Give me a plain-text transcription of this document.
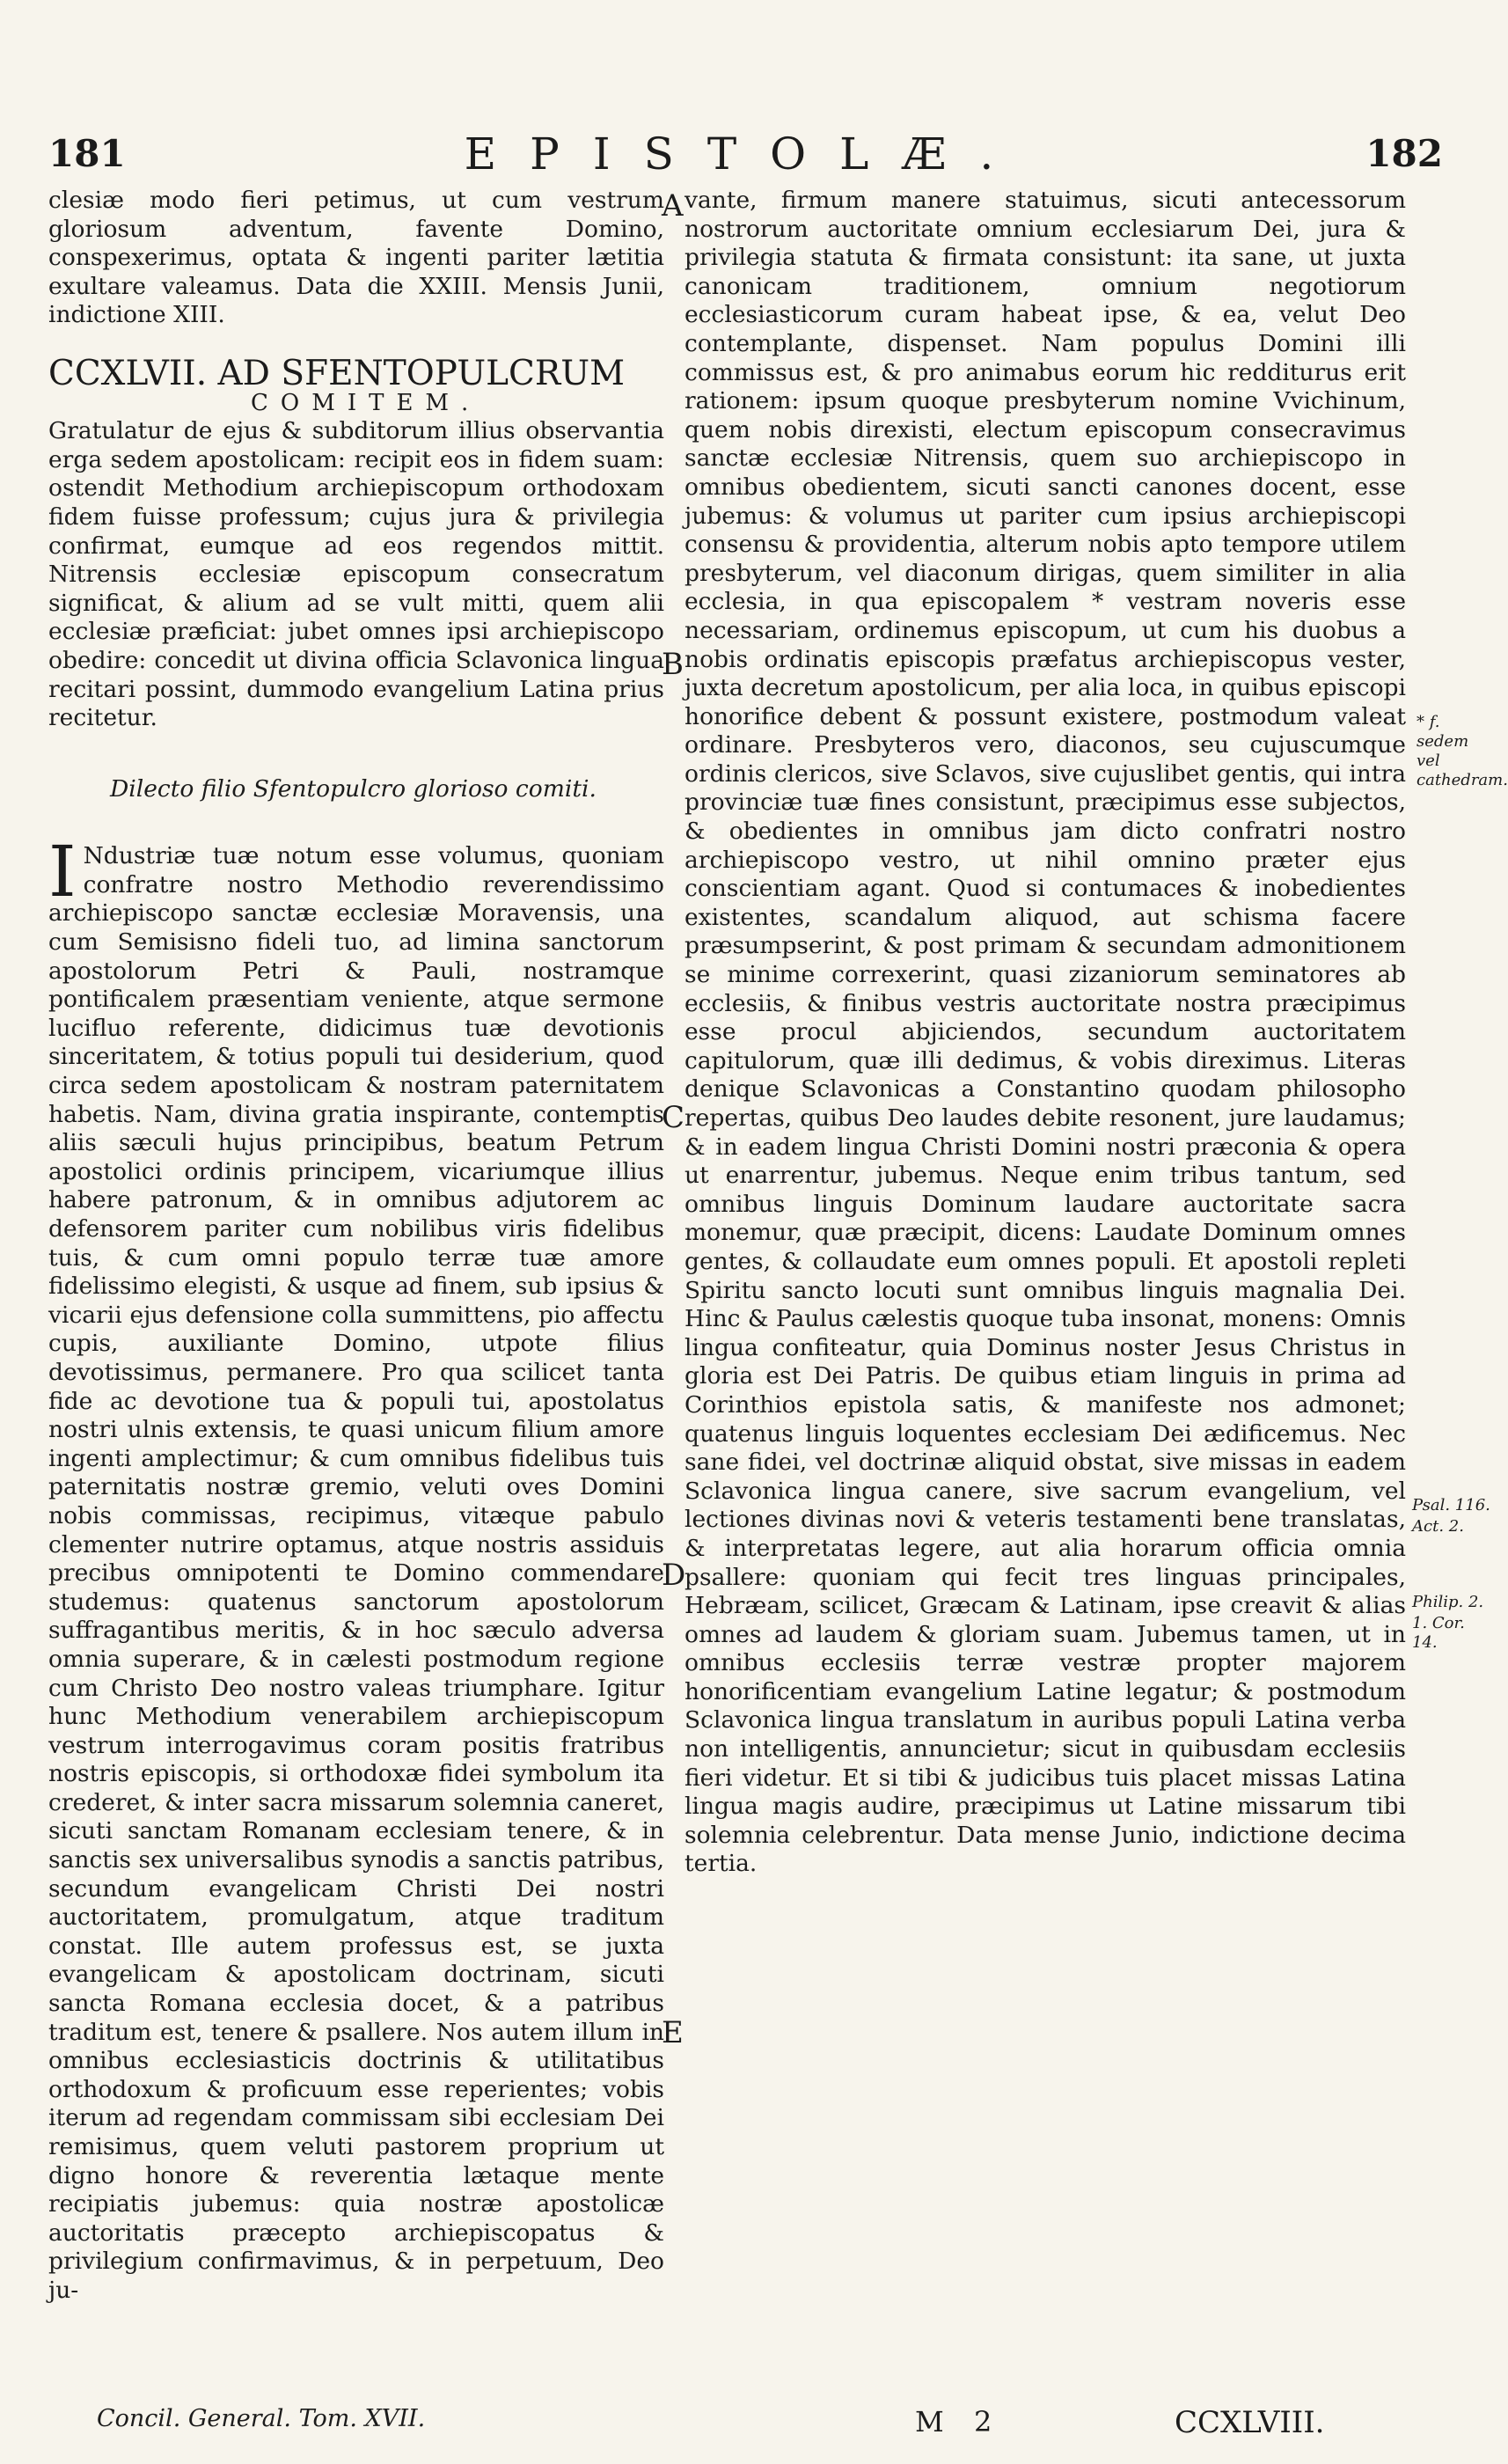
181	EPISTOLÆ.	182

clesiæ modo fieri petimus, ut cum vestrum gloriosum adventum, favente Domino, conspexerimus, optata & ingenti pariter lætitia exultare valeamus. Data die XXIII. Mensis Junii, indictione XIII.

CCXLVII. AD SFENTOPULCRUM
COMITEM.

Gratulatur de ejus & subditorum illius observantia erga sedem apostolicam: recipit eos in fidem suam: ostendit Methodium archiepiscopum orthodoxam fidem fuisse professum; cujus jura & privilegia confirmat, eumque ad eos regendos mittit. Nitrensis ecclesiæ episcopum consecratum significat, & alium ad se vult mitti, quem alii ecclesiæ præficiat: jubet omnes ipsi archiepiscopo obedire: concedit ut divina officia Sclavonica lingua recitari possint, dummodo evangelium Latina prius recitetur.

Dilecto filio Sfentopulcro glorioso comiti.

I Ndustriæ tuæ notum esse volumus, quoniam confratre nostro Methodio reverendissimo archiepiscopo sanctæ ecclesiæ Moravensis, una cum Semisisno fideli tuo, ad limina sanctorum apostolorum Petri & Pauli, nostramque pontificalem præsentiam veniente, atque sermone lucifluo referente, didicimus tuæ devotionis sinceritatem, & totius populi tui desiderium, quod circa sedem apostolicam & nostram paternitatem habetis. Nam, divina gratia inspirante, contemptis aliis sæculi hujus principibus, beatum Petrum apostolici ordinis principem, vicariumque illius habere patronum, & in omnibus adjutorem ac defensorem pariter cum nobilibus viris fidelibus tuis, & cum omni populo terræ tuæ amore fidelissimo elegisti, & usque ad finem, sub ipsius & vicarii ejus defensione colla summittens, pio affectu cupis, auxiliante Domino, utpote filius devotissimus, permanere. Pro qua scilicet tanta fide ac devotione tua & populi tui, apostolatus nostri ulnis extensis, te quasi unicum filium amore ingenti amplectimur; & cum omnibus fidelibus tuis paternitatis nostræ gremio, veluti oves Domini nobis commissas, recipimus, vitæque pabulo clementer nutrire optamus, atque nostris assiduis precibus omnipotenti te Domino commendare studemus: quatenus sanctorum apostolorum suffragantibus meritis, & in hoc sæculo adversa omnia superare, & in cælesti postmodum regione cum Christo Deo nostro valeas triumphare. Igitur hunc Methodium venerabilem archiepiscopum vestrum interrogavimus coram positis fratribus nostris episcopis, si orthodoxæ fidei symbolum ita crederet, & inter sacra missarum solemnia caneret, sicuti sanctam Romanam ecclesiam tenere, & in sanctis sex universalibus synodis a sanctis patribus, secundum evangelicam Christi Dei nostri auctoritatem, promulgatum, atque traditum constat. Ille autem professus est, se juxta evangelicam & apostolicam doctrinam, sicuti sancta Romana ecclesia docet, & a patribus traditum est, tenere & psallere. Nos autem illum in omnibus ecclesiasticis doctrinis & utilitatibus orthodoxum & proficuum esse reperientes; vobis iterum ad regendam commissam sibi ecclesiam Dei remisimus, quem veluti pastorem proprium ut digno honore & reverentia lætaque mente recipiatis jubemus: quia nostræ apostolicæ auctoritatis præcepto archiepiscopatus & privilegium confirmavimus, & in perpetuum, Deo ju-

vante, firmum manere statuimus, sicuti antecessorum nostrorum auctoritate omnium ecclesiarum Dei, jura & privilegia statuta & firmata consistunt: ita sane, ut juxta canonicam traditionem, omnium negotiorum ecclesiasticorum curam habeat ipse, & ea, velut Deo contemplante, dispenset. Nam populus Domini illi commissus est, & pro animabus eorum hic redditurus erit rationem: ipsum quoque presbyterum nomine Vvichinum, quem nobis direxisti, electum episcopum consecravimus sanctæ ecclesiæ Nitrensis, quem suo archiepiscopo in omnibus obedientem, sicuti sancti canones docent, esse jubemus: & volumus ut pariter cum ipsius archiepiscopi consensu & providentia, alterum nobis apto tempore utilem presbyterum, vel diaconum dirigas, quem similiter in alia ecclesia, in qua episcopalem * vestram noveris esse necessariam, ordinemus episcopum, ut cum his duobus a nobis ordinatis episcopis præfatus archiepiscopus vester, juxta decretum apostolicum, per alia loca, in quibus episcopi honorifice debent & possunt existere, postmodum valeat ordinare. Presbyteros vero, diaconos, seu cujuscumque ordinis clericos, sive Sclavos, sive cujuslibet gentis, qui intra provinciæ tuæ fines consistunt, præcipimus esse subjectos, & obedientes in omnibus jam dicto confratri nostro archiepiscopo vestro, ut nihil omnino præter ejus conscientiam agant. Quod si contumaces & inobedientes existentes, scandalum aliquod, aut schisma facere præsumpserint, & post primam & secundam admonitionem se minime correxerint, quasi zizaniorum seminatores ab ecclesiis, & finibus vestris auctoritate nostra præcipimus esse procul abjiciendos, secundum auctoritatem capitulorum, quæ illi dedimus, & vobis direximus. Literas denique Sclavonicas a Constantino quodam philosopho repertas, quibus Deo laudes debite resonent, jure laudamus; & in eadem lingua Christi Domini nostri præconia & opera ut enarrentur, jubemus. Neque enim tribus tantum, sed omnibus linguis Dominum laudare auctoritate sacra monemur, quæ præcipit, dicens: Laudate Dominum omnes gentes, & collaudate eum omnes populi. Et apostoli repleti Spiritu sancto locuti sunt omnibus linguis magnalia Dei. Hinc & Paulus cælestis quoque tuba insonat, monens: Omnis lingua confiteatur, quia Dominus noster Jesus Christus in gloria est Dei Patris. De quibus etiam linguis in prima ad Corinthios epistola satis, & manifeste nos admonet; quatenus linguis loquentes ecclesiam Dei ædificemus. Nec sane fidei, vel doctrinæ aliquid obstat, sive missas in eadem Sclavonica lingua canere, sive sacrum evangelium, vel lectiones divinas novi & veteris testamenti bene translatas, & interpretatas legere, aut alia horarum officia omnia psallere: quoniam qui fecit tres linguas principales, Hebræam, scilicet, Græcam & Latinam, ipse creavit & alias omnes ad laudem & gloriam suam. Jubemus tamen, ut in omnibus ecclesiis terræ vestræ propter majorem honorificentiam evangelium Latine legatur; & postmodum Sclavonica lingua translatum in auribus populi Latina verba non intelligentis, annuncietur; sicut in quibusdam ecclesiis fieri videtur. Et si tibi & judicibus tuis placet missas Latina lingua magis audire, præcipimus ut Latine missarum tibi solemnia celebrentur. Data mense Junio, indictione decima tertia.

A
B
C
D
E
* f. sedem vel cathedram.
Psal. 116.
Act. 2.
Philip. 2.
1. Cor. 14.
Concil. General. Tom. XVII.	M 2	CCXLVIII.
